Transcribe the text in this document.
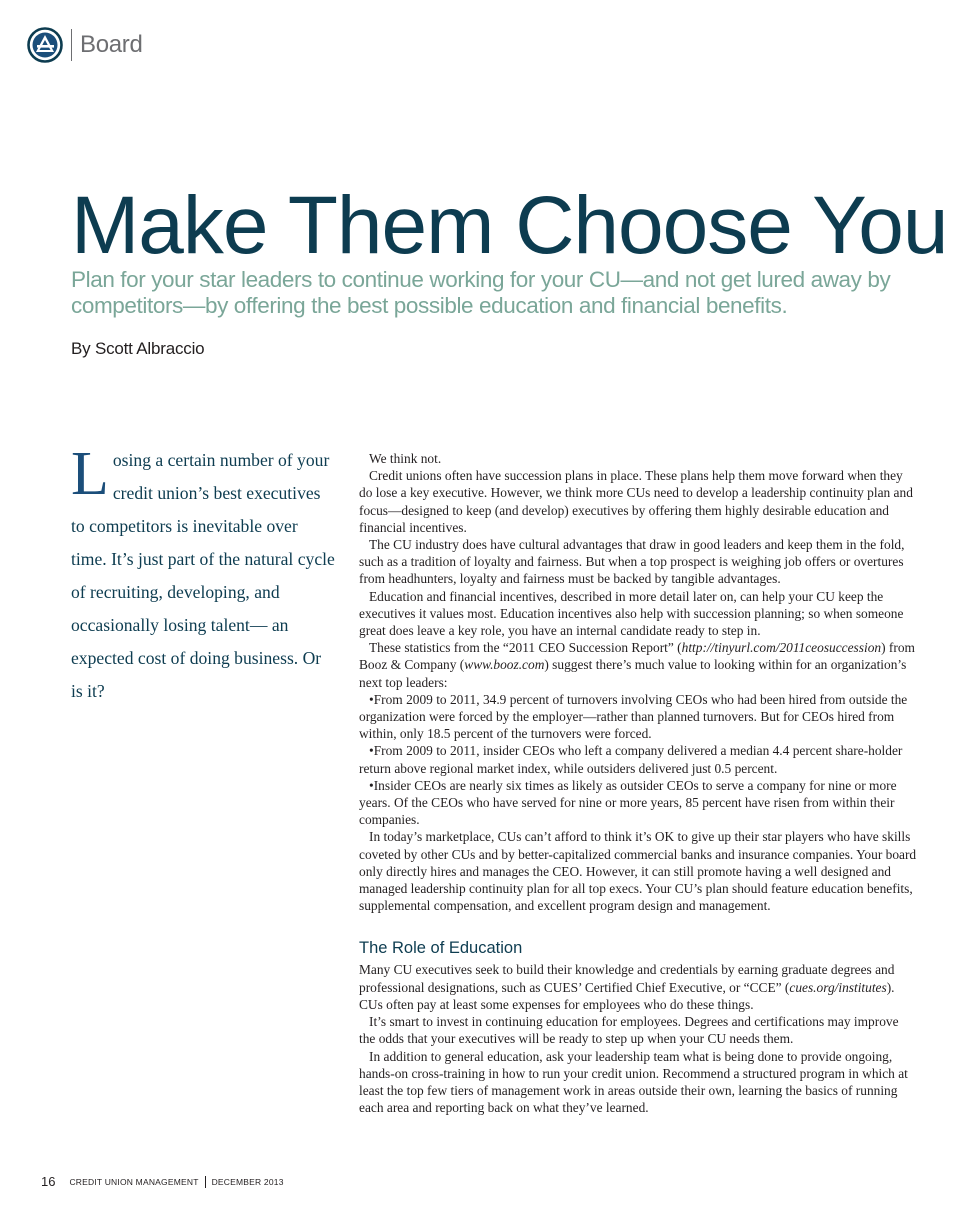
Board
Make Them Choose You

Plan for your star leaders to continue working for your CU—and not get lured away by competitors—by offering the best possible education and financial benefits.

By Scott Albraccio

Losing a certain number of your credit union’s best executives to competitors is inevitable over time. It’s just part of the natural cycle of recruiting, developing, and occasionally losing talent— an expected cost of doing business. Or is it?

We think not.

Credit unions often have succession plans in place. These plans help them move forward when they do lose a key executive. However, we think more CUs need to develop a leadership continuity plan and focus—designed to keep (and develop) executives by offering them highly desirable education and financial incentives.

The CU industry does have cultural advantages that draw in good leaders and keep them in the fold, such as a tradition of loyalty and fairness. But when a top prospect is weighing job offers or overtures from headhunters, loyalty and fairness must be backed by tangible advantages.

Education and financial incentives, described in more detail later on, can help your CU keep the executives it values most. Education incentives also help with succession planning; so when someone great does leave a key role, you have an internal candidate ready to step in.

These statistics from the “2011 CEO Succession Report” (http://tinyurl.com/2011ceosuccession) from Booz & Company (www.booz.com) suggest there’s much value to looking within for an organization’s next top leaders:

• From 2009 to 2011, 34.9 percent of turnovers involving CEOs who had been hired from outside the organization were forced by the employer—rather than planned turnovers. But for CEOs hired from within, only 18.5 percent of the turnovers were forced.

• From 2009 to 2011, insider CEOs who left a company delivered a median 4.4 percent share-holder return above regional market index, while outsiders delivered just 0.5 percent.

• Insider CEOs are nearly six times as likely as outsider CEOs to serve a company for nine or more years. Of the CEOs who have served for nine or more years, 85 percent have risen from within their companies.

In today’s marketplace, CUs can’t afford to think it’s OK to give up their star players who have skills coveted by other CUs and by better-capitalized commercial banks and insurance companies. Your board only directly hires and manages the CEO. However, it can still promote having a well designed and managed leadership continuity plan for all top execs. Your CU’s plan should feature education benefits, supplemental compensation, and excellent program design and management.

The Role of Education

Many CU executives seek to build their knowledge and credentials by earning graduate degrees and professional designations, such as CUES’ Certified Chief Executive, or “CCE” (cues.org/institutes). CUs often pay at least some expenses for employees who do these things.

It’s smart to invest in continuing education for employees. Degrees and certifications may improve the odds that your executives will be ready to step up when your CU needs them.

In addition to general education, ask your leadership team what is being done to provide ongoing, hands-on cross-training in how to run your credit union. Recommend a structured program in which at least the top few tiers of management work in areas outside their own, learning the basics of running each area and reporting back on what they’ve learned.

16 CREDIT UNION MANAGEMENT DECEMBER 2013
